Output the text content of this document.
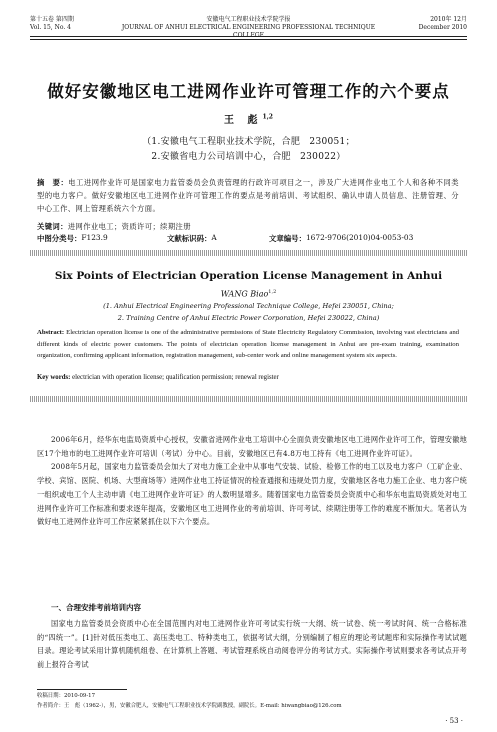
第十五卷 第四期
Vol. 15, No. 4
安徽电气工程职业技术学院学报
JOURNAL OF ANHUI ELECTRICAL ENGINEERING PROFESSIONAL TECHNIQUE COLLEGE
2010年 12月
December 2010
做好安徽地区电工进网作业许可管理工作的六个要点
王 彪$^{1,2}$
（1.安徽电气工程职业技术学院，合肥　230051；
2.安徽省电力公司培训中心，合肥　230022）
摘　要：电工进网作业许可是国家电力监管委员会负责管理的行政许可项目之一，涉及广大进网作业电工个人和各种不同类型的电力客户。做好安徽地区电工进网作业许可管理工作的要点是考前培训、考试组织、确认申请人员信息、注册管理、分中心工作、网上管理系统六个方面。
关键词：进网作业电工；资质许可；续期注册
中图分类号： F123.9	文献标识码： A	文章编号： 1672-9706(2010)04-0053-03
Six Points of Electrician Operation License Management in Anhui
WANG Biao$^{1,2}$
(1. Anhui Electrical Engineering Professional Technique College, Hefei 230051, China;
2. Training Centre of Anhui Electric Power Corporation, Hefei 230022, China)
Abstract: Electrician operation license is one of the administrative permissions of State Electricity Regulatory Commission, involving vast electricians and different kinds of electric power customers. The points of electrician operation license management in Anhui are pre-exam training, examination organization, confirming applicant information, registration management, sub-center work and online management system six aspects.
Key words: electrician with operation license; qualification permission; renewal register

2006年6月，经华东电监局资质中心授权，安徽省进网作业电工培训中心全面负责安徽地区电工进网作业许可工作，管理安徽地区17个地市的电工进网作业许可培训（考试）分中心。目前，安徽地区已有4.8万电工持有《电工进网作业许可证》。

2008年5月起，国家电力监管委员会加大了对电力施工企业中从事电气安装、试验、检修工作的电工以及电力客户（工矿企业、学校、宾馆、医院、机场、大型商场等）进网作业电工持证情况的检查通报和违规处罚力度，安徽地区各电力施工企业、电力客户统一组织或电工个人主动申请《电工进网作业许可证》的人数明显增多。随着国家电力监管委员会资质中心和华东电监局资质处对电工进网作业许可工作标准和要求逐年提高，安徽地区电工进网作业的考前培训、许可考试、续期注册等工作的难度不断加大。笔者认为做好电工进网作业许可工作应紧紧抓住以下六个要点。

一、合理安排考前培训内容

国家电力监管委员会资质中心在全国范围内对电工进网作业许可考试实行统一大纲、统一试卷、统一考试时间、统一合格标准的“四统一”。[1]针对低压类电工、高压类电工、特种类电工，依据考试大纲，分别编制了相应的理论考试题库和实际操作考试试题目录。理论考试采用计算机随机组卷、在计算机上答题、考试管理系统自动阅卷评分的考试方式。实际操作考试则要求各考试点开考前上报符合考试

收稿日期：2010-09-17
作者简介：王　彪（1962-），男，安徽合肥人，安徽电气工程职业技术学院副教授，副院长。E-mail: hiwangbiao@126.com
· 53 ·
